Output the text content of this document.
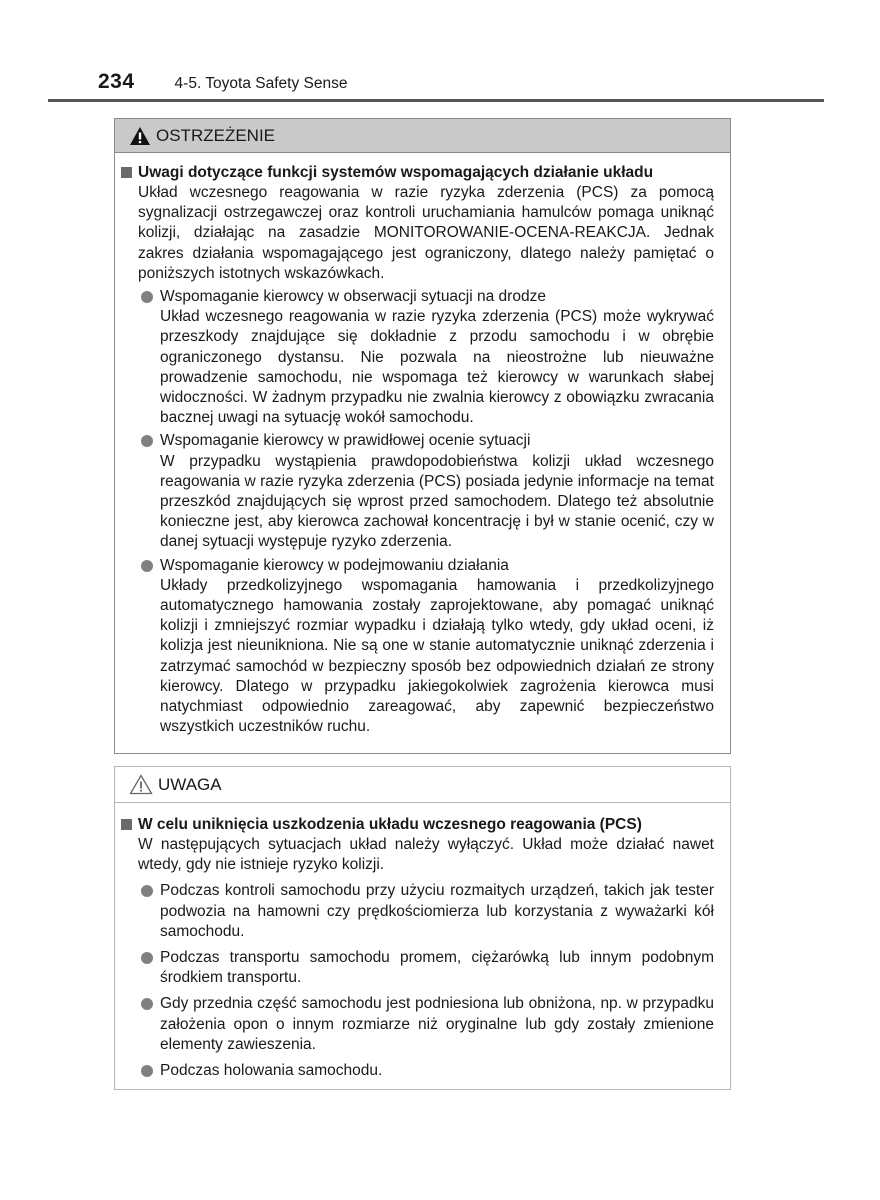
234	4-5. Toyota Safety Sense
OSTRZEŻENIE
Uwagi dotyczące funkcji systemów wspomagających działanie układu
Układ wczesnego reagowania w razie ryzyka zderzenia (PCS) za pomocą sygnalizacji ostrzegawczej oraz kontroli uruchamiania hamulców pomaga uniknąć kolizji, działając na zasadzie MONITOROWANIE-OCENA-REAKCJA. Jednak zakres działania wspomagającego jest ograniczony, dlatego należy pamiętać o poniższych istotnych wskazówkach.
Wspomaganie kierowcy w obserwacji sytuacji na drodze
Układ wczesnego reagowania w razie ryzyka zderzenia (PCS) może wykrywać przeszkody znajdujące się dokładnie z przodu samochodu i w obrębie ograniczonego dystansu. Nie pozwala na nieostrożne lub nieuważne prowadzenie samochodu, nie wspomaga też kierowcy w warunkach słabej widoczności. W żadnym przypadku nie zwalnia kierowcy z obowiązku zwracania bacznej uwagi na sytuację wokół samochodu.
Wspomaganie kierowcy w prawidłowej ocenie sytuacji
W przypadku wystąpienia prawdopodobieństwa kolizji układ wczesnego reagowania w razie ryzyka zderzenia (PCS) posiada jedynie informacje na temat przeszkód znajdujących się wprost przed samochodem. Dlatego też absolutnie konieczne jest, aby kierowca zachował koncentrację i był w stanie ocenić, czy w danej sytuacji występuje ryzyko zderzenia.
Wspomaganie kierowcy w podejmowaniu działania
Układy przedkolizyjnego wspomagania hamowania i przedkolizyjnego automatycznego hamowania zostały zaprojektowane, aby pomagać uniknąć kolizji i zmniejszyć rozmiar wypadku i działają tylko wtedy, gdy układ oceni, iż kolizja jest nieunikniona. Nie są one w stanie automatycznie uniknąć zderzenia i zatrzymać samochód w bezpieczny sposób bez odpowiednich działań ze strony kierowcy. Dlatego w przypadku jakiegokolwiek zagrożenia kierowca musi natychmiast odpowiednio zareagować, aby zapewnić bezpieczeństwo wszystkich uczestników ruchu.
UWAGA
W celu uniknięcia uszkodzenia układu wczesnego reagowania (PCS)
W następujących sytuacjach układ należy wyłączyć. Układ może działać nawet wtedy, gdy nie istnieje ryzyko kolizji.
Podczas kontroli samochodu przy użyciu rozmaitych urządzeń, takich jak tester podwozia na hamowni czy prędkościomierza lub korzystania z wyważarki kół samochodu.
Podczas transportu samochodu promem, ciężarówką lub innym podobnym środkiem transportu.
Gdy przednia część samochodu jest podniesiona lub obniżona, np. w przypadku założenia opon o innym rozmiarze niż oryginalne lub gdy zostały zmienione elementy zawieszenia.
Podczas holowania samochodu.
